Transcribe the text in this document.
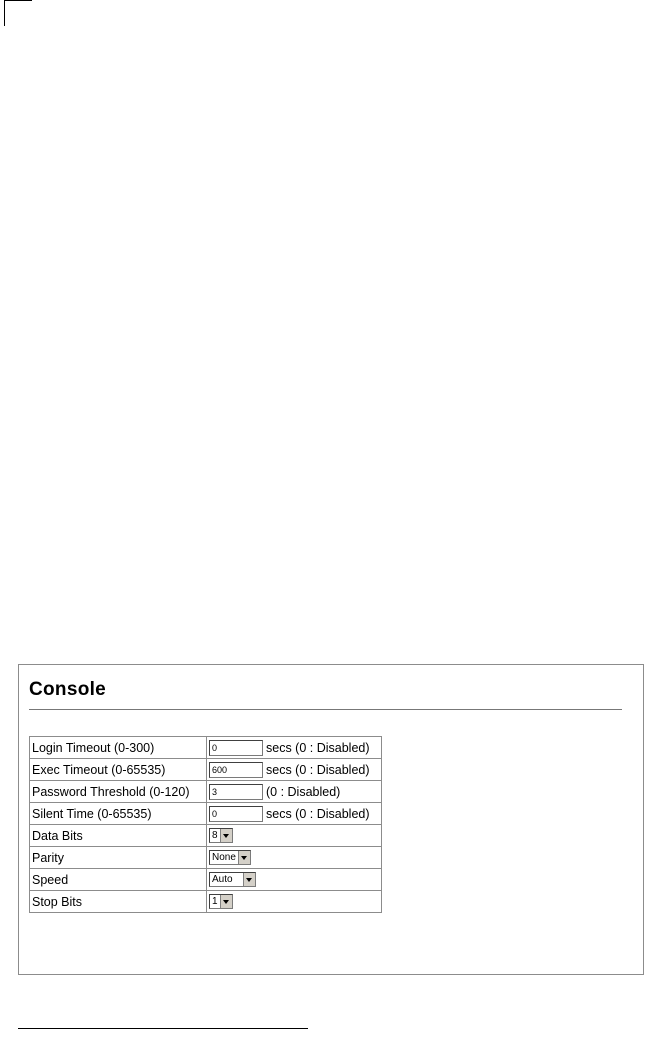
Console
Login Timeout (0-300)	0 secs (0 : Disabled)
Exec Timeout (0-65535)	600 secs (0 : Disabled)
Password Threshold (0-120)	3 (0 : Disabled)
Silent Time (0-65535)	0 secs (0 : Disabled)
Data Bits	8

Parity	None

Speed	Auto

Stop Bits	1
